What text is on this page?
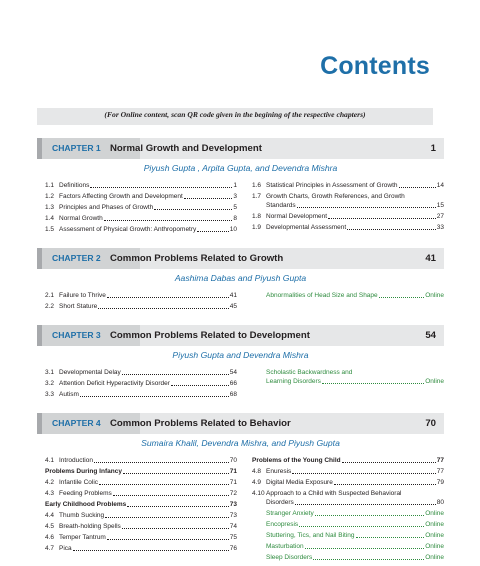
Contents
(For Online content, scan QR code given in the begining of the respective chapters)
CHAPTER 1 Normal Growth and Development	1
Piyush Gupta , Arpita Gupta, and Devendra Mishra
1.1 Definitions	1
1.2 Factors Affecting Growth and Development	3
1.3 Principles and Phases of Growth	5
1.4 Normal Growth	8
1.5 Assessment of Physical Growth: Anthropometry	10
1.6 Statistical Principles in Assessment of Growth	14
1.7 Growth Charts, Growth References, and Growth
Standards	15
1.8 Normal Development	27
1.9 Developmental Assessment	33
CHAPTER 2 Common Problems Related to Growth	41
Aashima Dabas and Piyush Gupta
2.1 Failure to Thrive	41
2.2 Short Stature	45
Abnormalities of Head Size and Shape	Online
CHAPTER 3 Common Problems Related to Development	54
Piyush Gupta and Devendra Mishra
3.1 Developmental Delay	54
3.2 Attention Deficit Hyperactivity Disorder	66
3.3 Autism	68
Scholastic Backwardness and
Learning Disorders	Online
CHAPTER 4 Common Problems Related to Behavior	70
Sumaira Khalil, Devendra Mishra, and Piyush Gupta
4.1 Introduction	70
Problems During Infancy	71
4.2 Infantile Colic	71
4.3 Feeding Problems	72
Early Childhood Problems	73
4.4 Thumb Sucking	73
4.5 Breath-holding Spells	74
4.6 Temper Tantrum	75
4.7 Pica	76
Problems of the Young Child	77
4.8 Enuresis	77
4.9 Digital Media Exposure	79
4.10 Approach to a Child with Suspected Behavioral
Disorders	80
Stranger Anxiety	Online
Encopresis	Online
Stuttering, Tics, and Nail Biting	Online
Masturbation	Online
Sleep Disorders	Online
